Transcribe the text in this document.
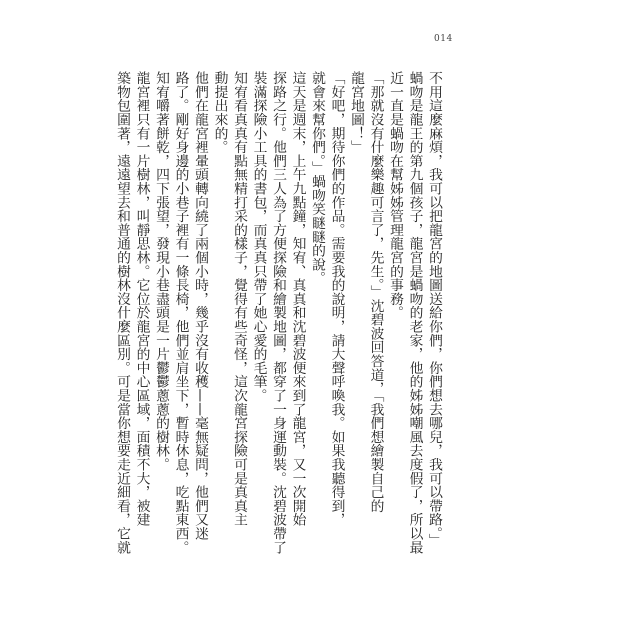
014

不用這麼麻煩，我可以把龍宮的地圖送給你們，你們想去哪兒，我可以帶路。」

蝸吻是龍王的第九個孩子，龍宮是蝸吻的老家，他的姊姊嘲風去度假了，所以最

近一直是蝸吻在幫姊姊管理龍宮的事務。

「那就沒有什麼樂趣可言了，先生。」沈碧波回答道，「我們想繪製自己的

龍宮地圖！」

「好吧，期待你們的作品。需要我的說明，請大聲呼喚我。如果我聽得到，

就會來幫你們。」蝸吻笑瞇瞇的說。

這天是週末，上午九點鐘，知宥、真真和沈碧波便來到了龍宮，又一次開始

探路之行。他們三人為了方便探險和繪製地圖，都穿了一身運動裝。沈碧波帶了

裝滿探險小工具的書包，而真真只帶了她心愛的毛筆。

知宥看真真有點無精打采的樣子，覺得有些奇怪，這次龍宮探險可是真真主

動提出來的。

他們在龍宮裡暈頭轉向繞了兩個小時，幾乎沒有收穫——毫無疑問，他們又迷

路了。剛好身邊的小巷子裡有一條長椅，他們並肩坐下，暫時休息，吃點東西。

知宥嚼著餅乾，四下張望，發現小巷盡頭是一片鬱鬱蔥蔥的樹林。

龍宮裡只有一片樹林，叫靜思林。它位於龍宮的中心區域，面積不大，被建

築物包圍著，遠遠望去和普通的樹林沒什麼區別。可是當你想要走近細看，它就
